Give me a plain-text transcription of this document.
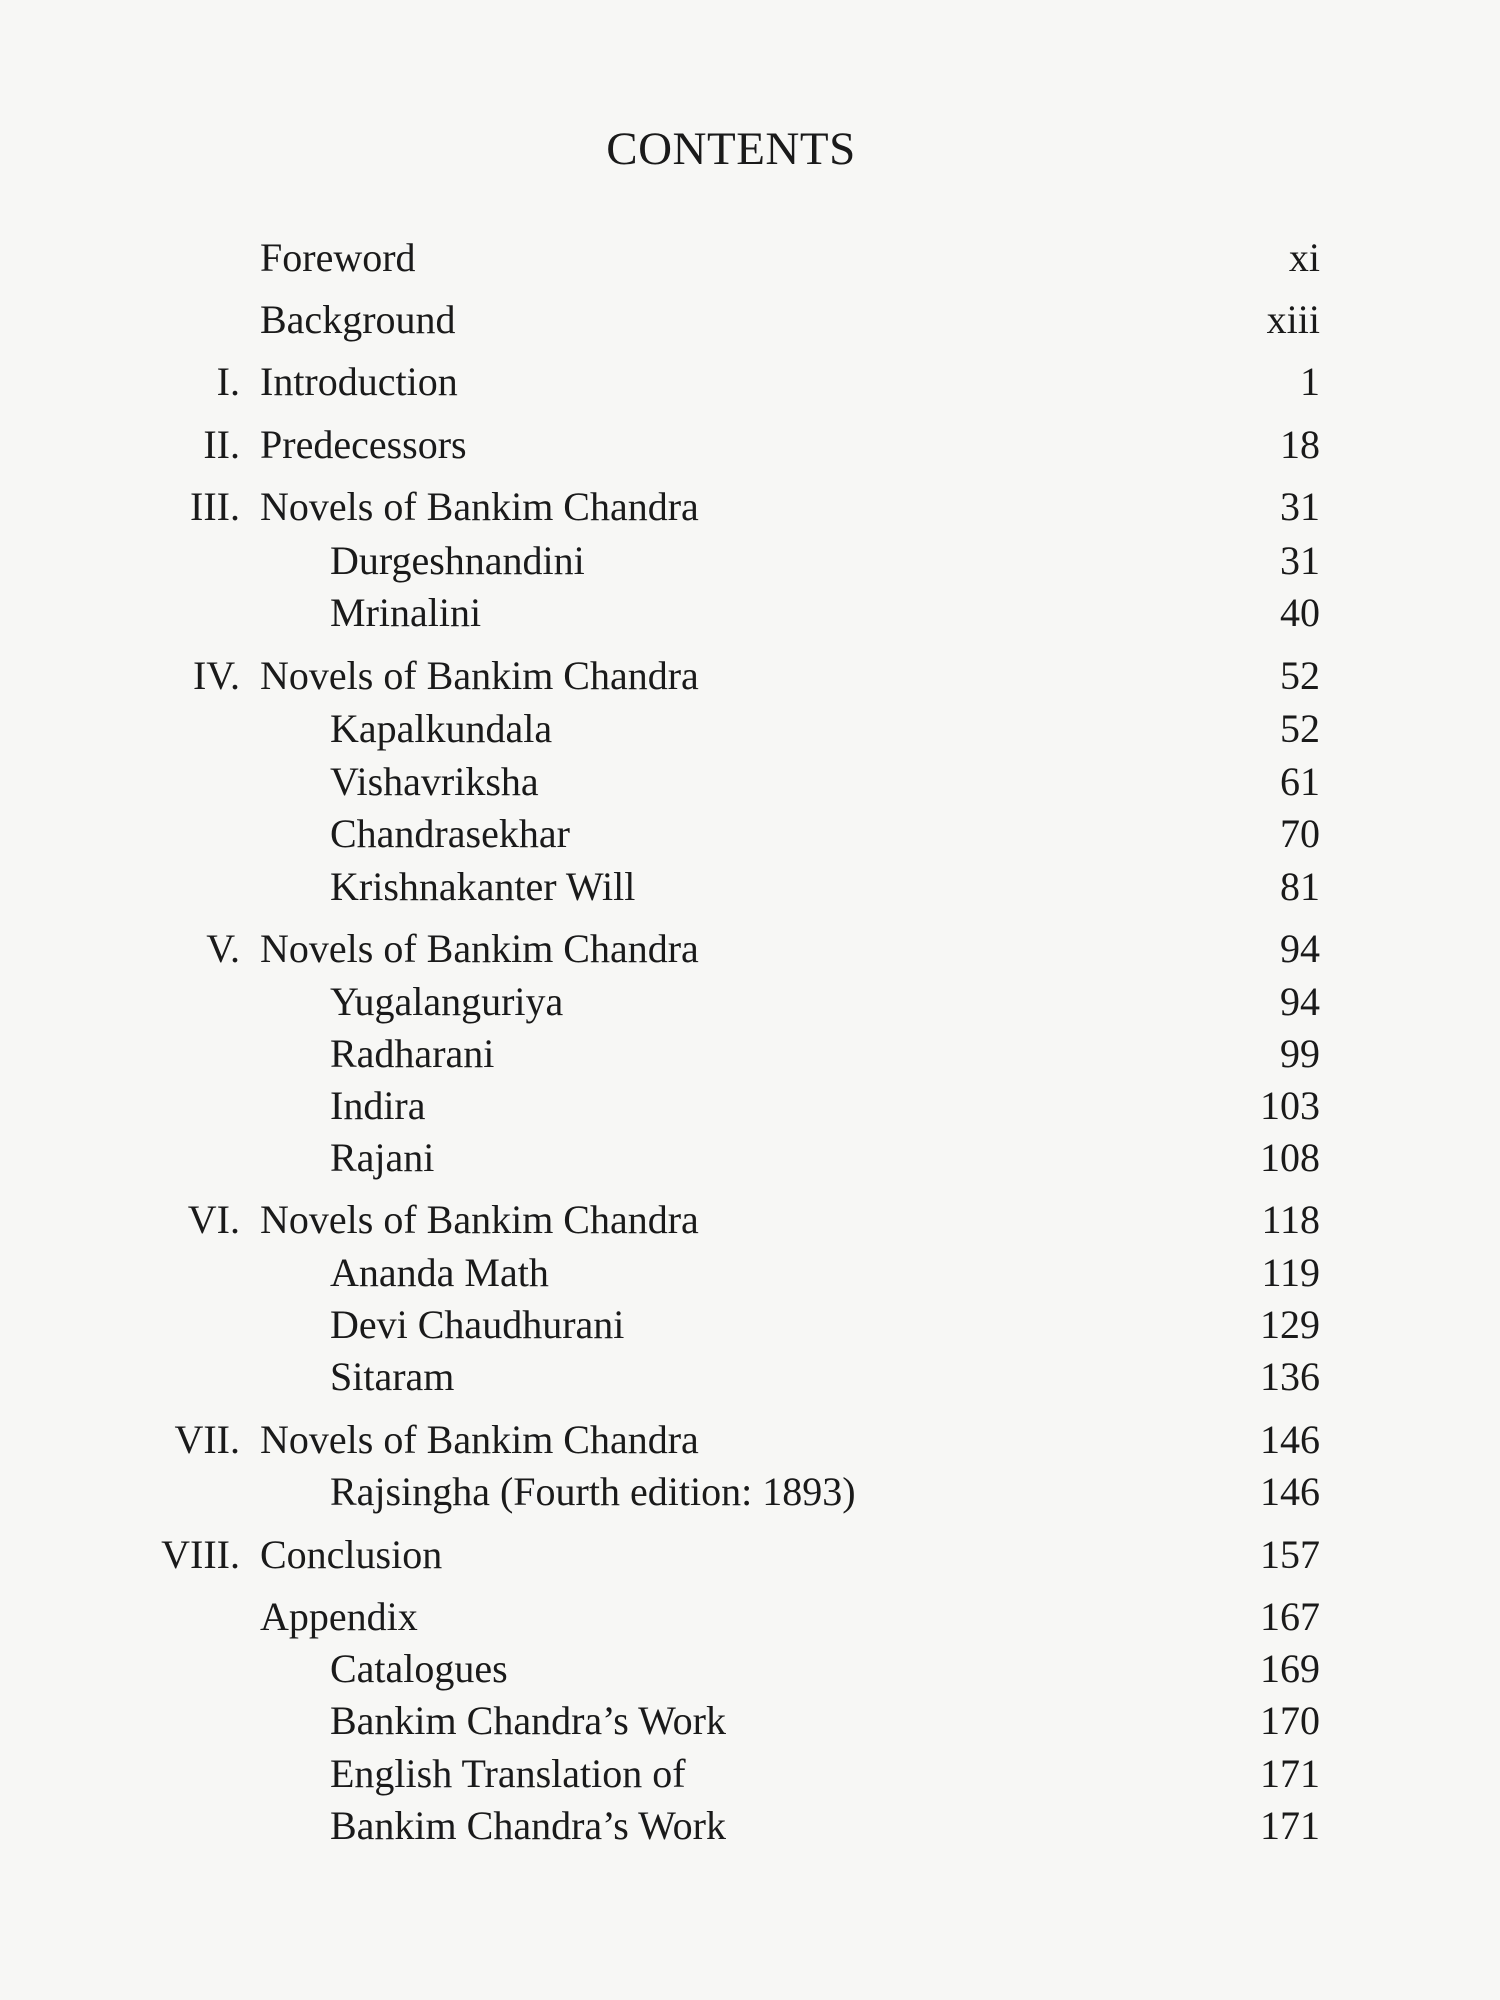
CONTENTS
Foreword	xi
Background	xiii
I. Introduction	1
II. Predecessors	18
III. Novels of Bankim Chandra	31
Durgeshnandini	31
Mrinalini	40
IV. Novels of Bankim Chandra	52
Kapalkundala	52
Vishavriksha	61
Chandrasekhar	70
Krishnakanter Will	81
V. Novels of Bankim Chandra	94
Yugalanguriya	94
Radharani	99
Indira	103
Rajani	108
VI. Novels of Bankim Chandra	118
Ananda Math	119
Devi Chaudhurani	129
Sitaram	136
VII. Novels of Bankim Chandra	146
Rajsingha (Fourth edition: 1893)	146
VIII. Conclusion	157
Appendix	167
Catalogues	169
Bankim Chandra’s Work	170
English Translation of	171
Bankim Chandra’s Work	171
